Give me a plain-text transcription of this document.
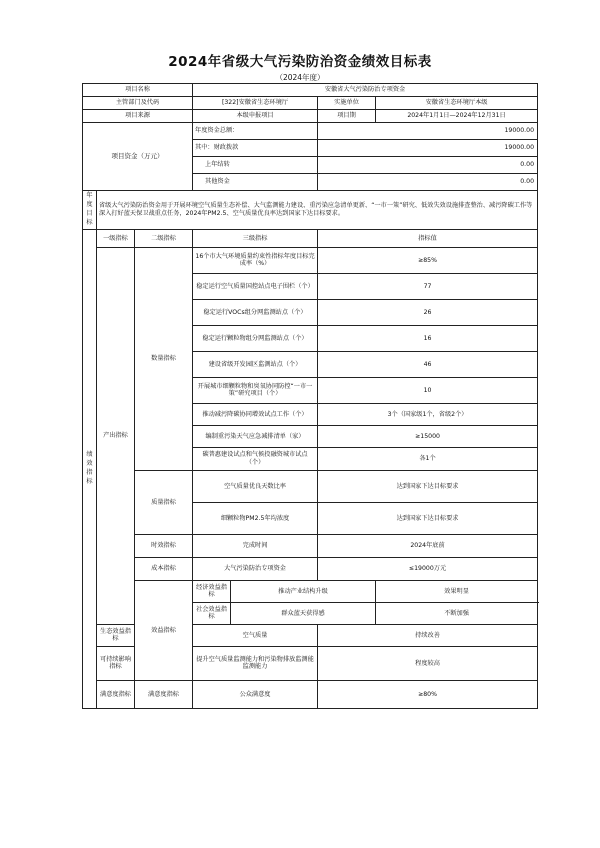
2024年省级大气污染防治资金绩效目标表
（2024年度）
项目名称			安徽省大气污染防治专项资金			
主管部门及代码			[322]安徽省生态环境厅		实施单位	安徽省生态环境厅本级
项目来源			本级申报项目		项目期	2024年1月1日—2024年12月31日
项目资金（万元）			年度资金总额：		19000.00	
			其中：财政拨款		19000.00	
			上年结转		0.00	
			其他资金		0.00	

年度目标	省级大气污染防治资金用于开展环境空气质量生态补偿、大气监测能力建设、重污染应急清单更新、“一市一策”研究、低效失效设施排查整治、减污降碳工作等深入打好蓝天保卫战重点任务，2024年PM2.5、空气质量优良率达到国家下达目标要求。					

绩效指标	一级指标	二级指标	三级指标		指标值	
	产出指标	数量指标	16个市大气环境质量约束性指标年度目标完成率（%）		≥85%	
			稳定运行空气质量国控站点电子围栏（个）		77	
			稳定运行VOCs组分网监测站点（个）		26	
			稳定运行颗粒物组分网监测站点（个）		16	
			建设省级开发园区监测站点（个）		46	
			开展城市细颗粒物和臭氧协同防控“一市一策”研究项目（个）		10	
			推动减污降碳协同增效试点工作（个）		3个（国家级1个，省级2个）	
			编制重污染天气应急减排清单（家）		≥15000	
			碳普惠建设试点和气候投融资城市试点（个）		各1个	
		质量指标	空气质量优良天数比率		达到国家下达目标要求	
			细颗粒物PM2.5年均浓度		达到国家下达目标要求	
		时效指标	完成时间		2024年底前	
		成本指标	大气污染防治专项资金		≤19000万元	
		效益指标	经济效益指标	推动产业结构升级		效果明显
			社会效益指标	群众蓝天获得感		不断加强
	生态效益指标		空气质量		持续改善	
	可持续影响指标		提升空气质量监测能力和污染物排放监测能监测能力		程度较高	
	满意度指标	满意度指标	公众满意度		≥80%	
